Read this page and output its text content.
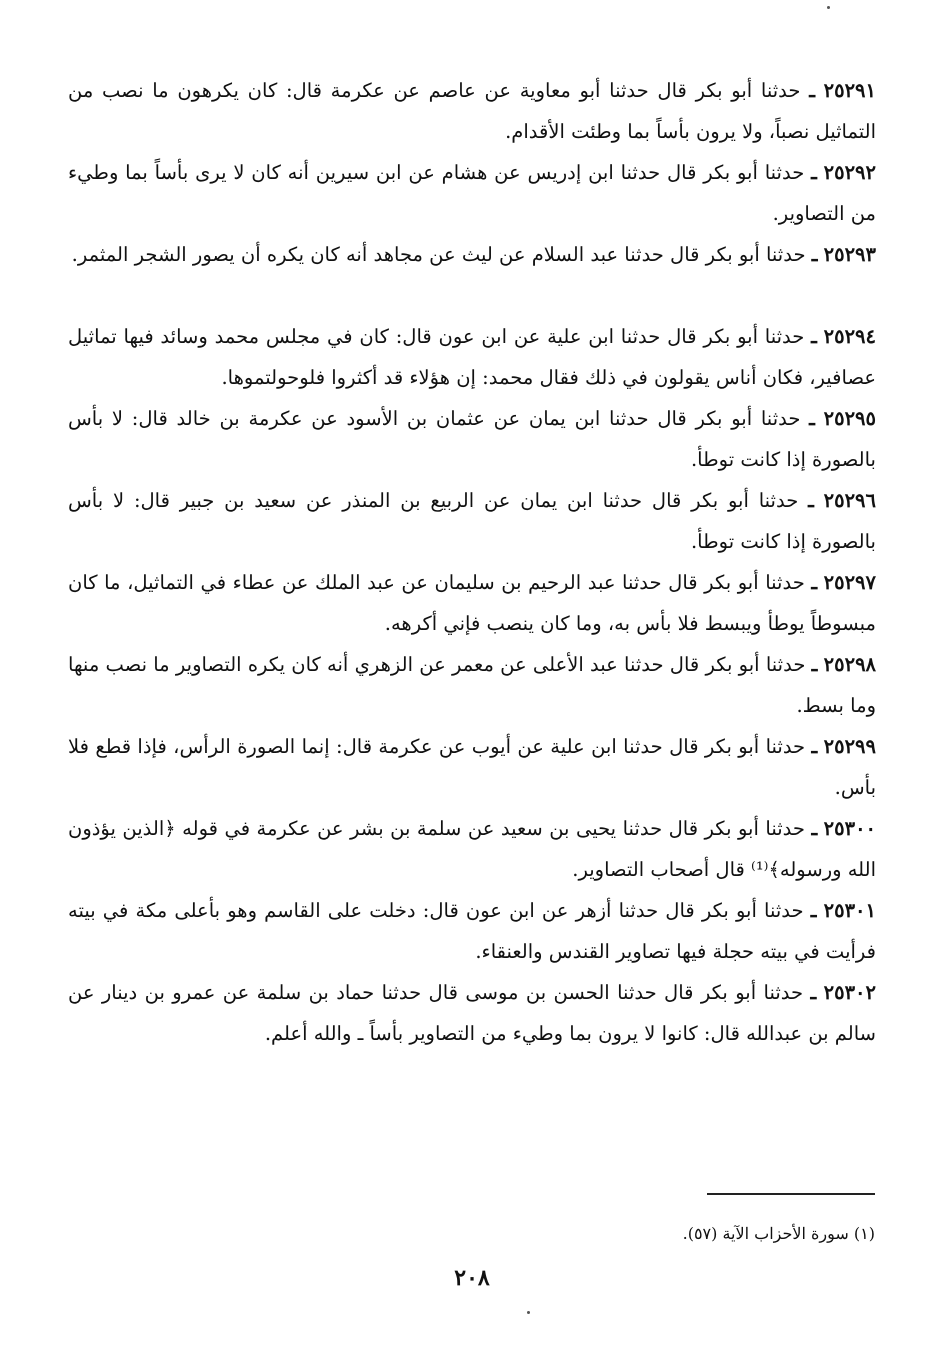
٢٥٢٩١ ـ حدثنا أبو بكر قال حدثنا أبو معاوية عن عاصم عن عكرمة قال: كان يكرهون ما نصب من التماثيل نصباً، ولا يرون بأساً بما وطئت الأقدام.
٢٥٢٩٢ ـ حدثنا أبو بكر قال حدثنا ابن إدريس عن هشام عن ابن سيرين أنه كان لا يرى بأساً بما وطيء من التصاوير.
٢٥٢٩٣ ـ حدثنا أبو بكر قال حدثنا عبد السلام عن ليث عن مجاهد أنه كان يكره أن يصور الشجر المثمر.
٢٥٢٩٤ ـ حدثنا أبو بكر قال حدثنا ابن علية عن ابن عون قال: كان في مجلس محمد وسائد فيها تماثيل عصافير، فكان أناس يقولون في ذلك فقال محمد: إن هؤلاء قد أكثروا فلوحولتموها.
٢٥٢٩٥ ـ حدثنا أبو بكر قال حدثنا ابن يمان عن عثمان بن الأسود عن عكرمة بن خالد قال: لا بأس بالصورة إذا كانت توطأ.
٢٥٢٩٦ ـ حدثنا أبو بكر قال حدثنا ابن يمان عن الربيع بن المنذر عن سعيد بن جبير قال: لا بأس بالصورة إذا كانت توطأ.
٢٥٢٩٧ ـ حدثنا أبو بكر قال حدثنا عبد الرحيم بن سليمان عن عبد الملك عن عطاء في التماثيل، ما كان مبسوطاً يوطأ ويبسط فلا بأس به، وما كان ينصب فإني أكرهه.
٢٥٢٩٨ ـ حدثنا أبو بكر قال حدثنا عبد الأعلى عن معمر عن الزهري أنه كان يكره التصاوير ما نصب منها وما بسط.
٢٥٢٩٩ ـ حدثنا أبو بكر قال حدثنا ابن علية عن أيوب عن عكرمة قال: إنما الصورة الرأس، فإذا قطع فلا بأس.
٢٥٣٠٠ ـ حدثنا أبو بكر قال حدثنا يحيى بن سعيد عن سلمة بن بشر عن عكرمة في قوله ﴿الذين يؤذون الله ورسوله﴾⁽¹⁾ قال أصحاب التصاوير.
٢٥٣٠١ ـ حدثنا أبو بكر قال حدثنا أزهر عن ابن عون قال: دخلت على القاسم وهو بأعلى مكة في بيته فرأيت في بيته حجلة فيها تصاوير القندس والعنقاء.
٢٥٣٠٢ ـ حدثنا أبو بكر قال حدثنا الحسن بن موسى قال حدثنا حماد بن سلمة عن عمرو بن دينار عن سالم بن عبدالله قال: كانوا لا يرون بما وطيء من التصاوير بأساً ـ والله أعلم.
(١) سورة الأحزاب الآية (٥٧).
٢٠٨
